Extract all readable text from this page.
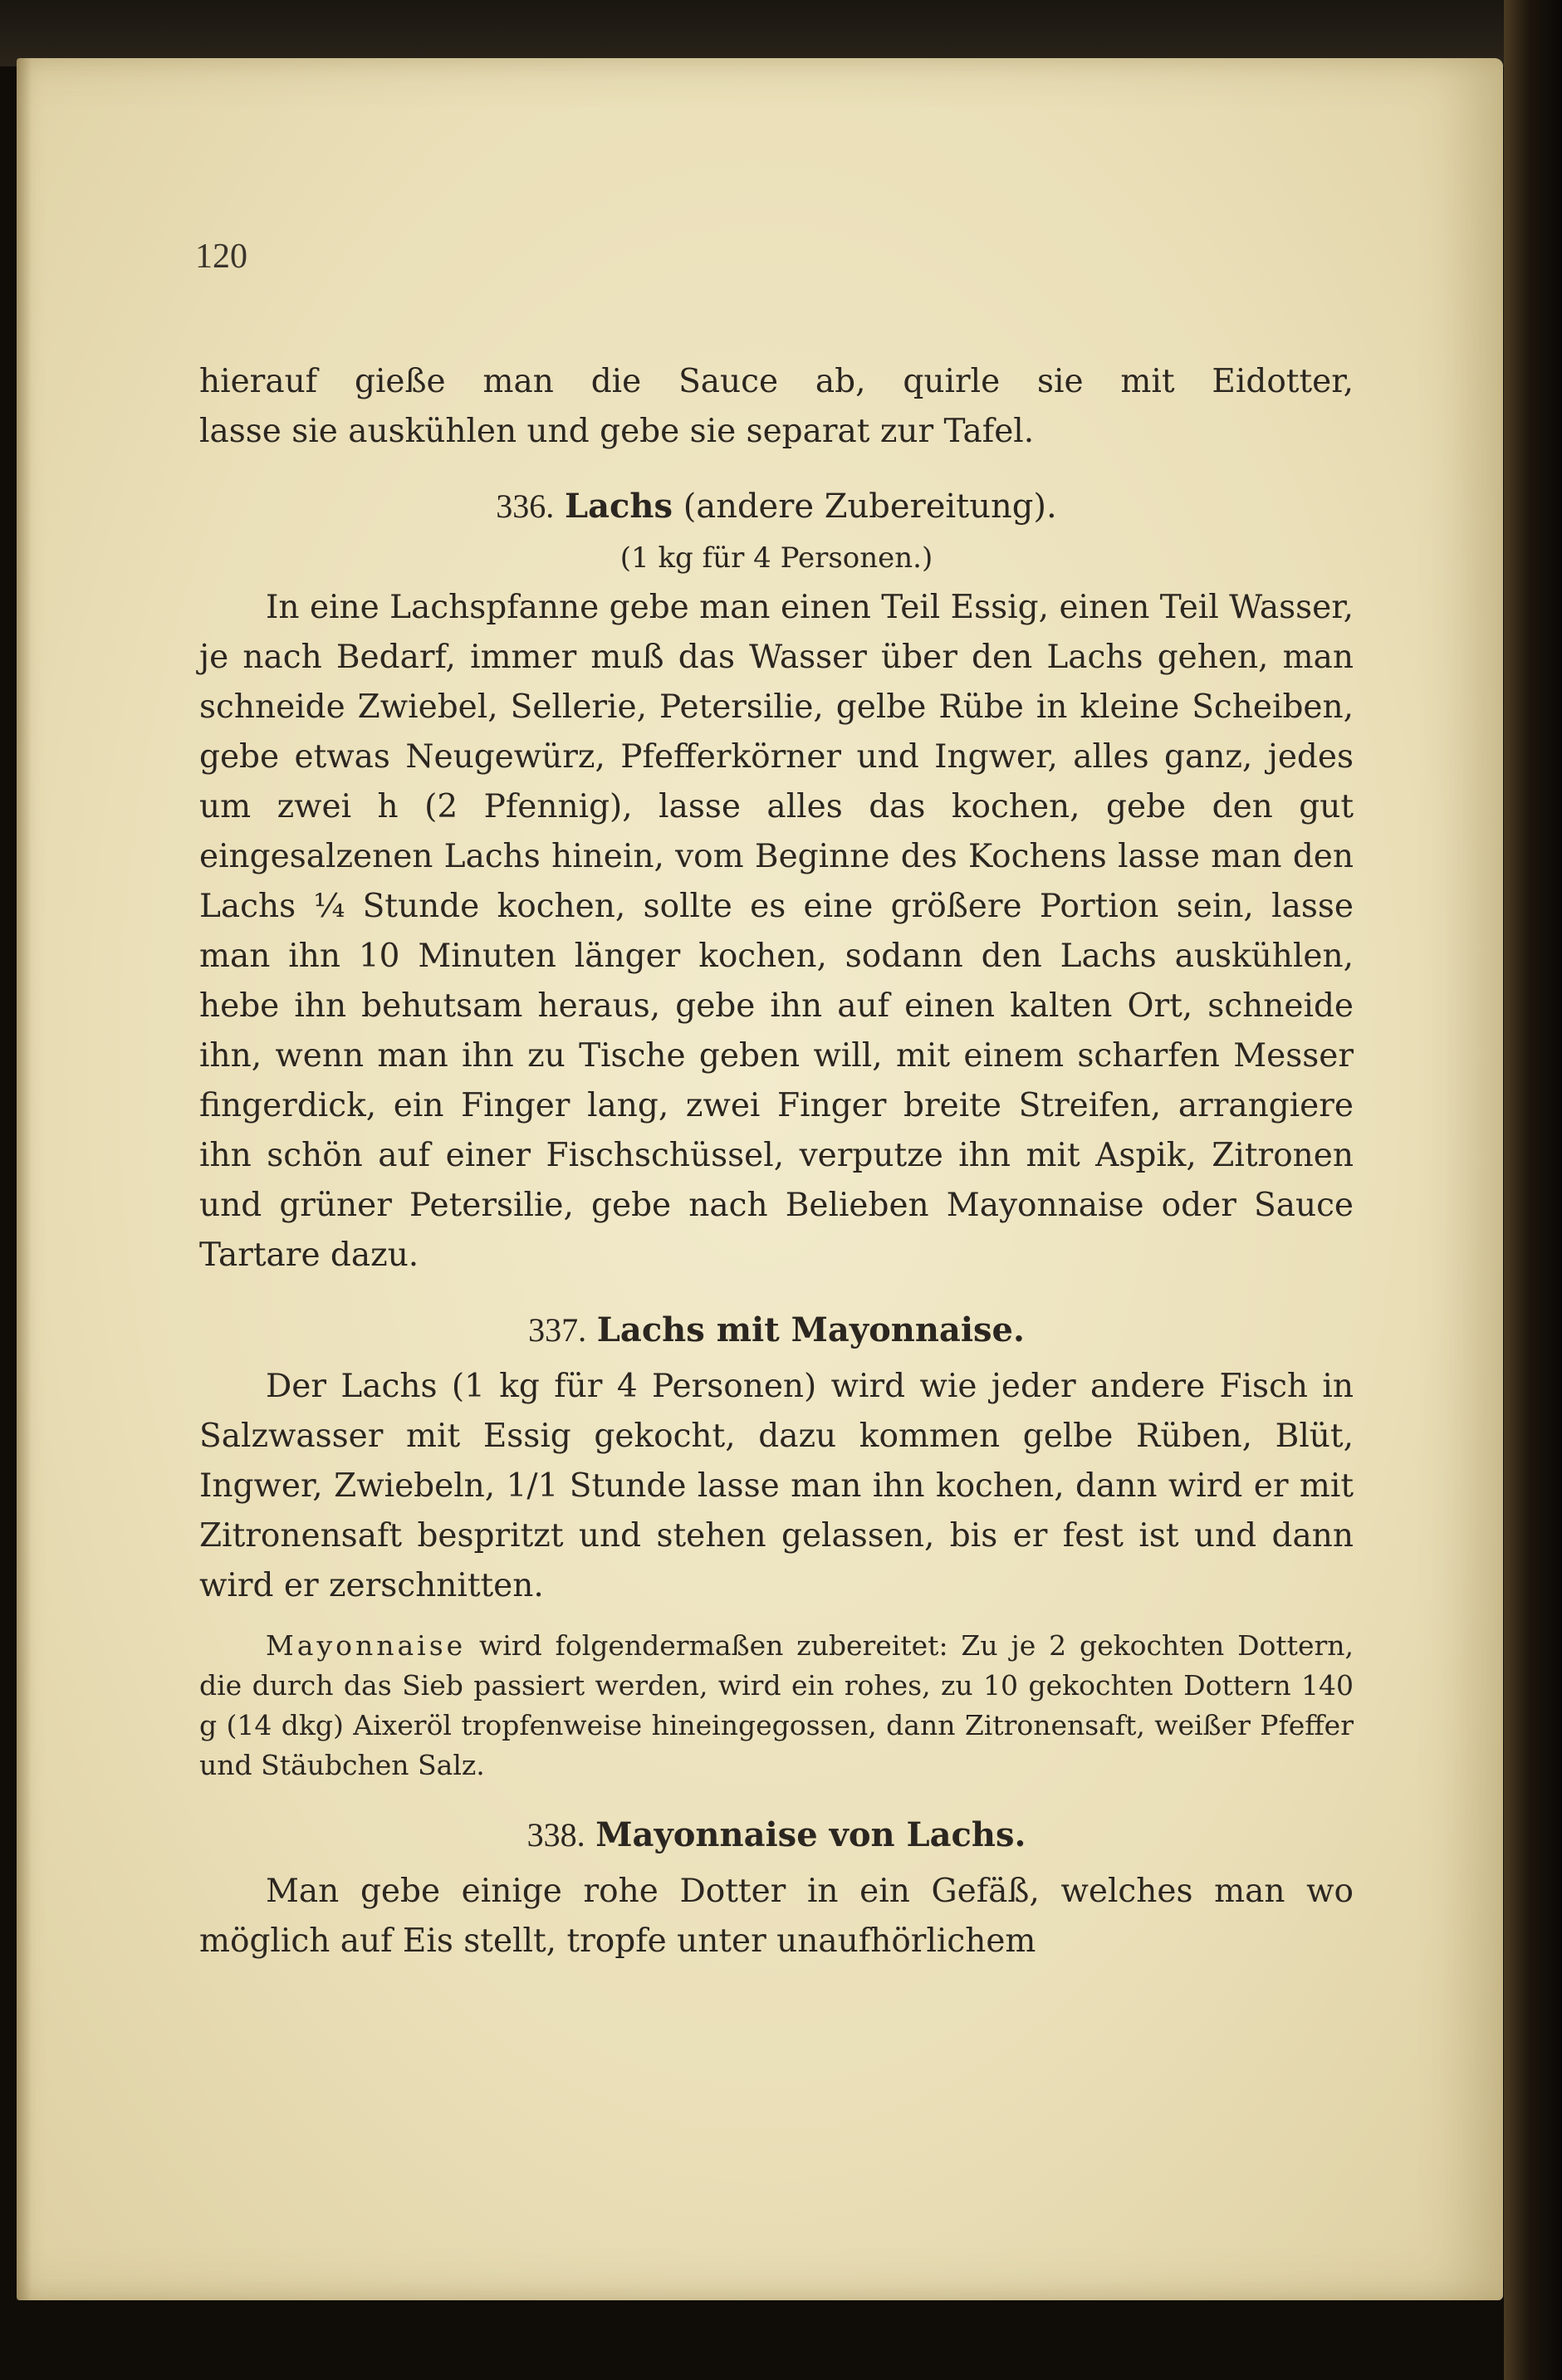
120

hierauf gieße man die Sauce ab, quirle sie mit Eidotter,

lasse sie auskühlen und gebe sie separat zur Tafel.

336. Lachs (andere Zubereitung).
(1 kg für 4 Personen.)

In eine Lachspfanne gebe man einen Teil Essig, einen Teil Wasser, je nach Bedarf, immer muß das Wasser über den Lachs gehen, man schneide Zwiebel, Sellerie, Petersilie, gelbe Rübe in kleine Scheiben, gebe etwas Neugewürz, Pfefferkörner und Ingwer, alles ganz, jedes um zwei h (2 Pfennig), lasse alles das kochen, gebe den gut eingesalzenen Lachs hinein, vom Beginne des Kochens lasse man den Lachs ¼ Stunde kochen, sollte es eine größere Portion sein, lasse man ihn 10 Minuten länger kochen, sodann den Lachs auskühlen, hebe ihn behutsam heraus, gebe ihn auf einen kalten Ort, schneide ihn, wenn man ihn zu Tische geben will, mit einem scharfen Messer fingerdick, ein Finger lang, zwei Finger breite Streifen, arrangiere ihn schön auf einer Fischschüssel, verputze ihn mit Aspik, Zitronen und grüner Petersilie, gebe nach Belieben Mayonnaise oder Sauce Tartare dazu.

337. Lachs mit Mayonnaise.

Der Lachs (1 kg für 4 Personen) wird wie jeder andere Fisch in Salzwasser mit Essig gekocht, dazu kommen gelbe Rüben, Blüt, Ingwer, Zwiebeln, 1/1 Stunde lasse man ihn kochen, dann wird er mit Zitronensaft bespritzt und stehen gelassen, bis er fest ist und dann wird er zerschnitten.

Mayonnaise wird folgendermaßen zubereitet: Zu je 2 gekochten Dottern, die durch das Sieb passiert werden, wird ein rohes, zu 10 gekochten Dottern 140 g (14 dkg) Aixeröl tropfenweise hineingegossen, dann Zitronensaft, weißer Pfeffer und Stäubchen Salz.

338. Mayonnaise von Lachs.

Man gebe einige rohe Dotter in ein Gefäß, welches man wo möglich auf Eis stellt, tropfe unter unaufhörlichem
